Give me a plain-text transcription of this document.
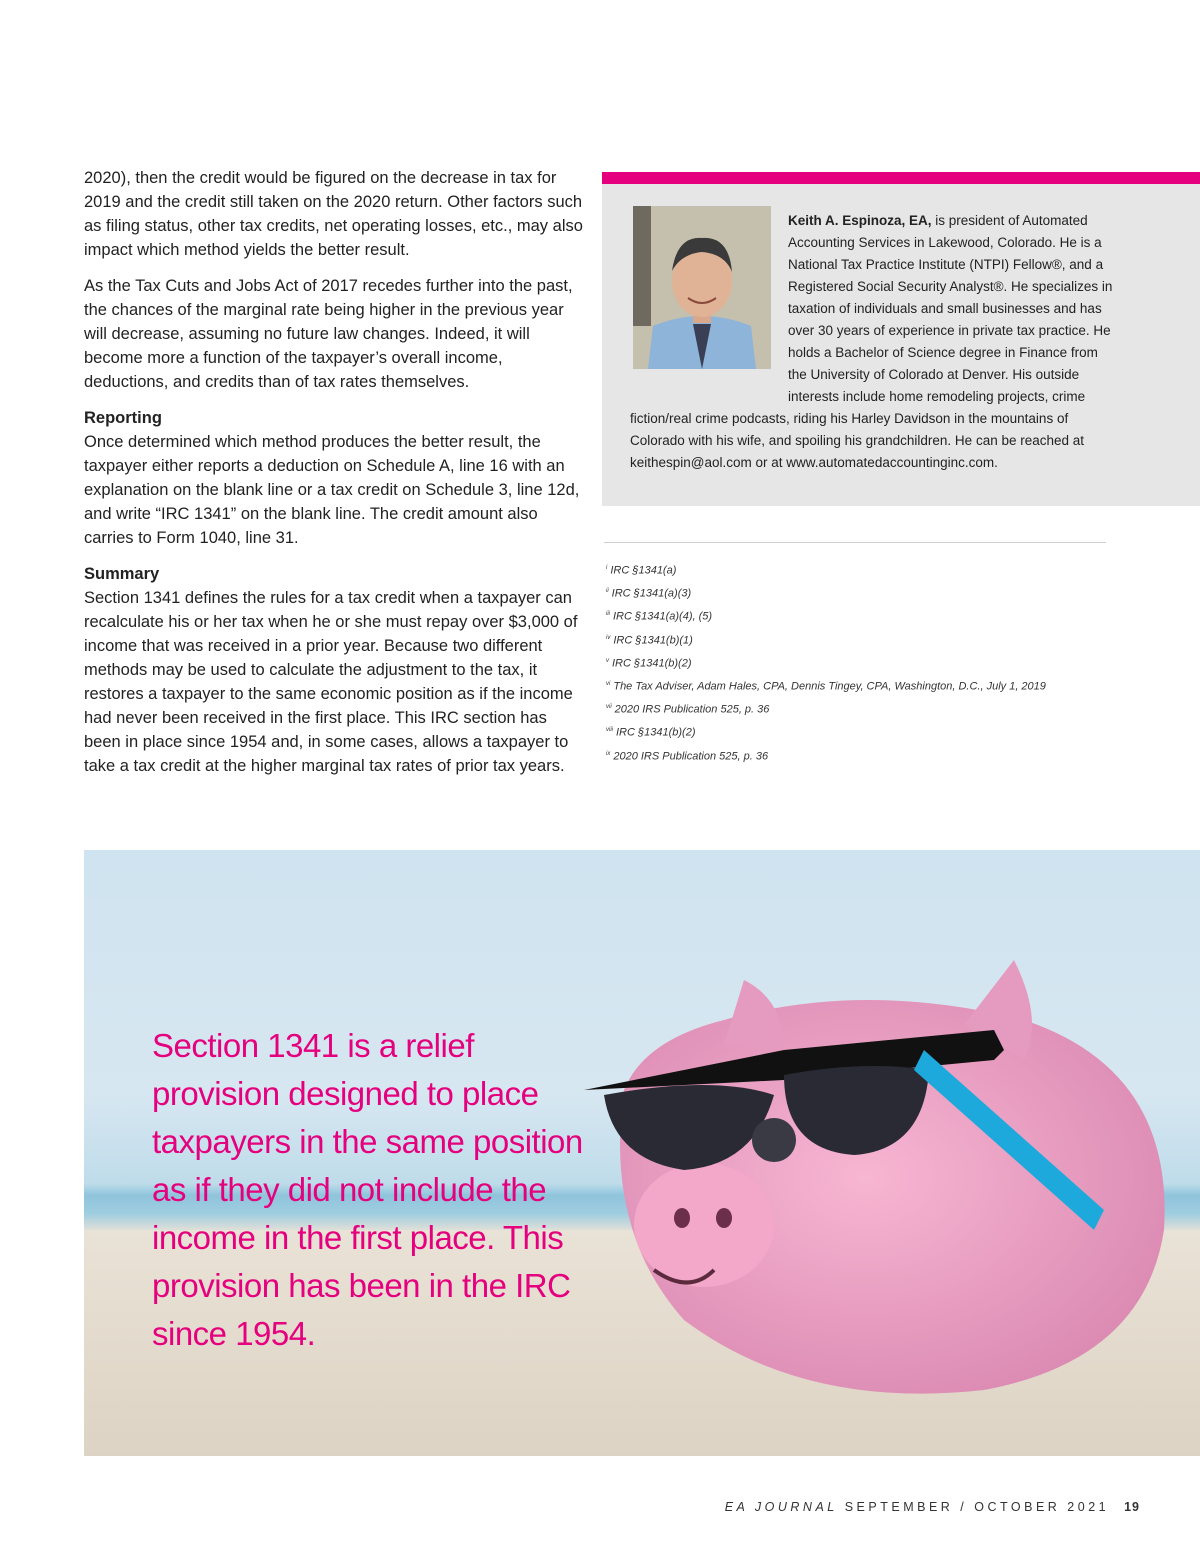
2020), then the credit would be figured on the decrease in tax for 2019 and the credit still taken on the 2020 return. Other factors such as filing status, other tax credits, net operating losses, etc., may also impact which method yields the better result.

As the Tax Cuts and Jobs Act of 2017 recedes further into the past, the chances of the marginal rate being higher in the previous year will decrease, assuming no future law changes. Indeed, it will become more a function of the taxpayer’s overall income, deductions, and credits than of tax rates themselves.

Reporting
Once determined which method produces the better result, the taxpayer either reports a deduction on Schedule A, line 16 with an explanation on the blank line or a tax credit on Schedule 3, line 12d, and write “IRC 1341” on the blank line. The credit amount also carries to Form 1040, line 31.
Summary
Section 1341 defines the rules for a tax credit when a taxpayer can recalculate his or her tax when he or she must repay over $3,000 of income that was received in a prior year. Because two different methods may be used to calculate the adjustment to the tax, it restores a taxpayer to the same economic position as if the income had never been received in the first place. This IRC section has been in place since 1954 and, in some cases, allows a taxpayer to take a tax credit at the higher marginal tax rates of prior tax years.
Keith A. Espinoza, EA, is president of Automated Accounting Services in Lakewood, Colorado. He is a National Tax Practice Institute (NTPI) Fellow®, and a Registered Social Security Analyst®. He specializes in taxation of individuals and small businesses and has over 30 years of experience in private tax practice. He holds a Bachelor of Science degree in Finance from the University of Colorado at Denver. His outside interests include home remodeling projects, crime fiction/real crime podcasts, riding his Harley Davidson in the mountains of Colorado with his wife, and spoiling his grandchildren. He can be reached at keithespin@aol.com or at www.automatedaccountinginc.com.
$^i$ IRC §1341(a)
$^{ii}$ IRC §1341(a)(3)
$^{iii}$ IRC §1341(a)(4), (5)
$^{iv}$ IRC §1341(b)(1)
$^v$ IRC §1341(b)(2)
$^{vi}$ The Tax Adviser, Adam Hales, CPA, Dennis Tingey, CPA, Washington, D.C., July 1, 2019
$^{vii}$ 2020 IRS Publication 525, p. 36
$^{viii}$ IRC §1341(b)(2)
$^{ix}$ 2020 IRS Publication 525, p. 36
Section 1341 is a relief provision designed to place taxpayers in the same position as if they did not include the income in the first place. This provision has been in the IRC since 1954.
EA JOURNAL SEPTEMBER / OCTOBER 2021 19
